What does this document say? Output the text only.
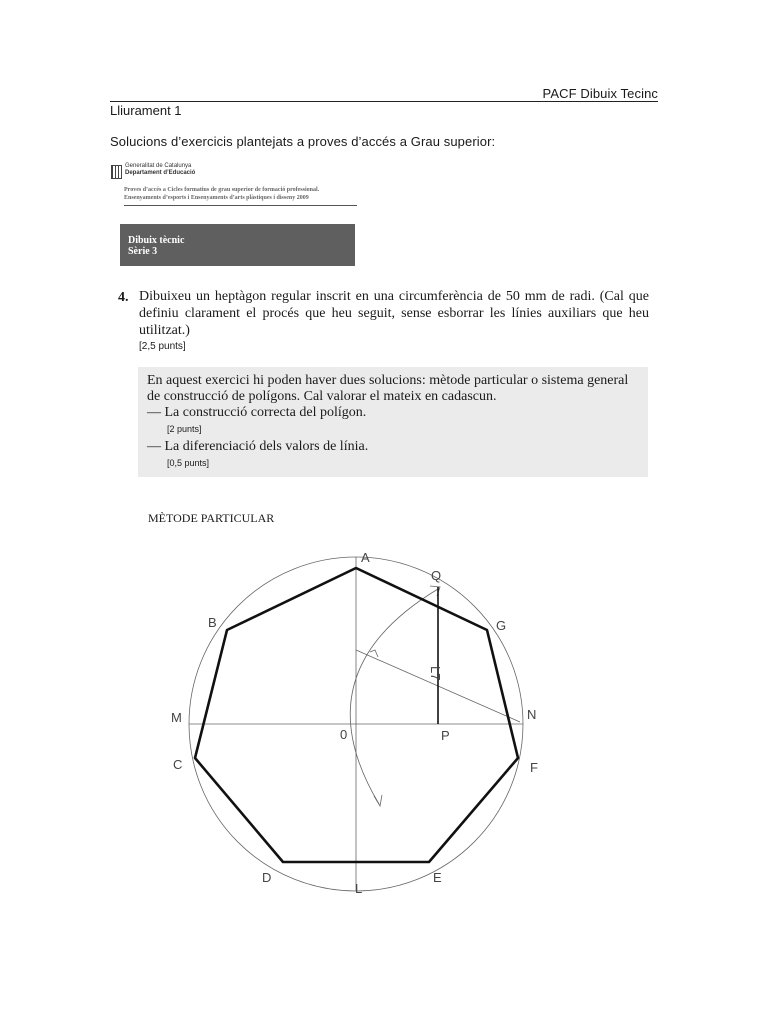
PACF Dibuix Tecinc
Lliurament 1
Solucions d’exercicis plantejats a proves d’accés a Grau superior:
Generalitat de Catalunya
Departament d’Educació
Proves d’accés a Cicles formatius de grau superior de formació professional.
Ensenyaments d’esports i Ensenyaments d’arts plàstiques i disseny 2009
Dibuix tècnic
Sèrie 3
4. Dibuixeu un heptàgon regular inscrit en una circumferència de 50 mm de radi. (Cal que definiu clarament el procés que heu seguit, sense esborrar les línies auxiliars que heu utilitzat.)
[2,5 punts]
En aquest exercici hi poden haver dues solucions: mètode particular o sistema general
de construcció de polígons. Cal valorar el mateix en cadascun.
— La construcció correcta del polígon.
[2 punts]
— La diferenciació dels valors de línia.
[0,5 punts]
MÈTODE PARTICULAR
A
B
C
D	E
F
G
M	N
0	P
Q
L
L7
